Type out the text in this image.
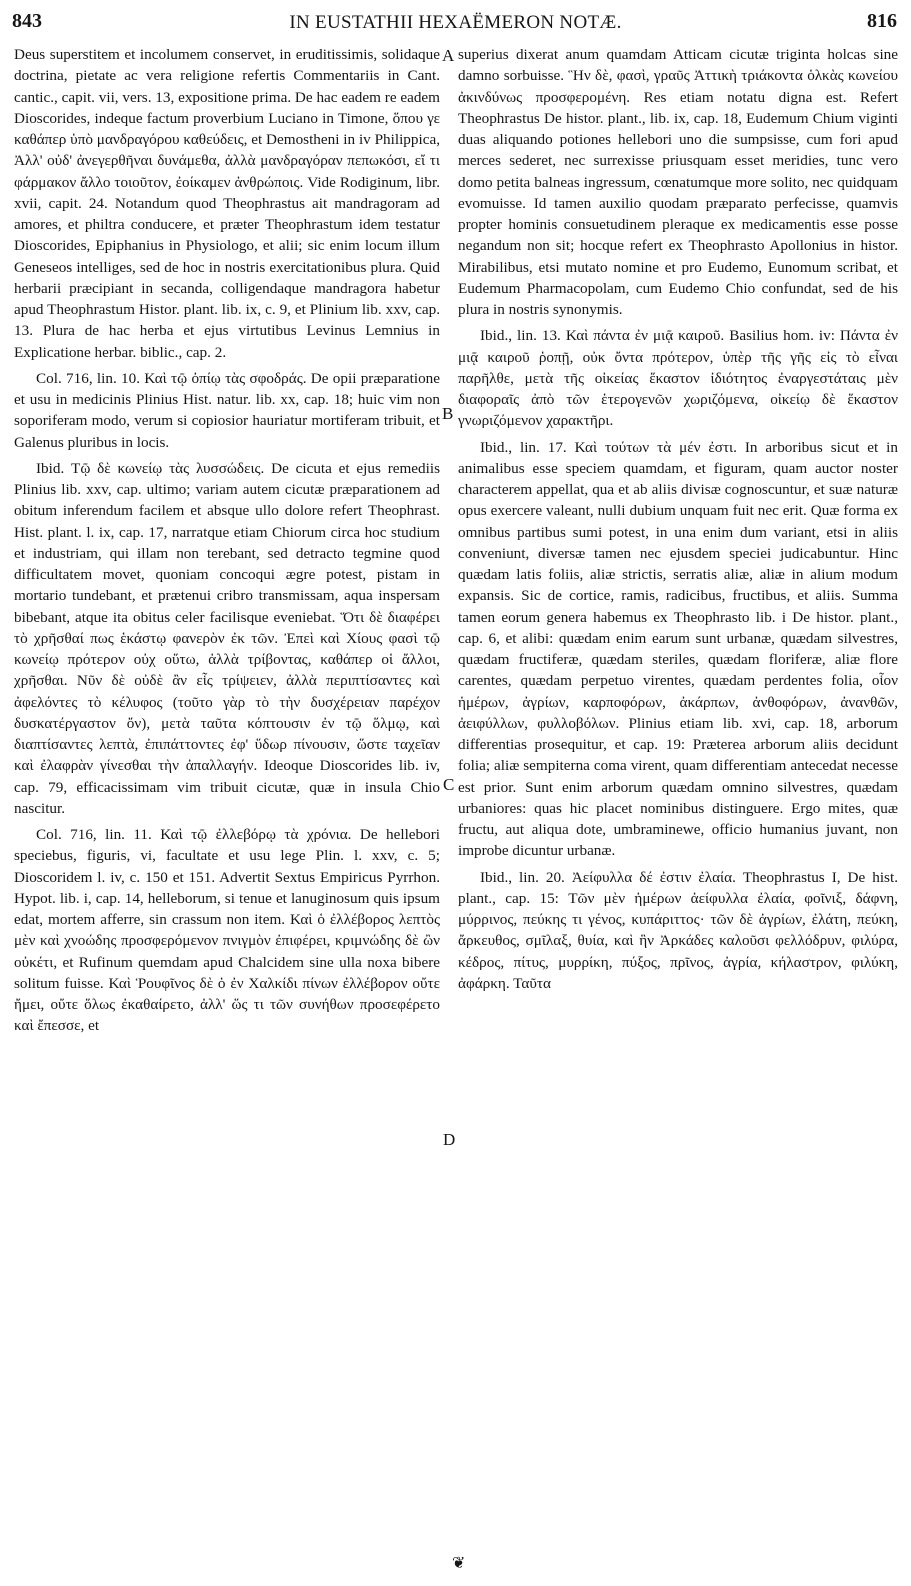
843	IN EUSTATHII HEXAËMERON NOTÆ.	816

Deus superstitem et incolumem conservet, in eruditissimis, solidaque doctrina, pietate ac vera religione refertis Commentariis in Cant. cantic., capit. vii, vers. 13, expositione prima. De hac eadem re eadem Dioscorides, indeque factum proverbium Luciano in Timone, ὅπου γε καθάπερ ὑπὸ μανδραγόρου καθεύδεις, et Demostheni in iv Philippica, Ἀλλ' οὐδ' ἀνεγερθῆναι δυνάμεθα, ἀλλὰ μανδραγόραν πεπωκόσι, εἴ τι φάρμακον ἄλλο τοιοῦτον, ἐοίκαμεν ἀνθρώποις. Vide Rodiginum, libr. xvii, capit. 24. Notandum quod Theophrastus ait mandragoram ad amores, et philtra conducere, et præter Theophrastum idem testatur Dioscorides, Epiphanius in Physiologo, et alii; sic enim locum illum Geneseos intelliges, sed de hoc in nostris exercitationibus plura. Quid herbarii præcipiant in secanda, colligendaque mandragora habetur apud Theophrastum Histor. plant. lib. ix, c. 9, et Plinium lib. xxv, cap. 13. Plura de hac herba et ejus virtutibus Levinus Lemnius in Explicatione herbar. biblic., cap. 2.

Col. 716, lin. 10. Καὶ τῷ ὀπίῳ τὰς σφοδράς. De opii præparatione et usu in medicinis Plinius Hist. natur. lib. xx, cap. 18; huic vim non soporiferam modo, verum si copiosior hauriatur mortiferam tribuit, et Galenus pluribus in locis.

Ibid. Τῷ δὲ κωνείῳ τὰς λυσσώδεις. De cicuta et ejus remediis Plinius lib. xxv, cap. ultimo; variam autem cicutæ præparationem ad obitum inferendum facilem et absque ullo dolore refert Theophrast. Hist. plant. l. ix, cap. 17, narratque etiam Chiorum circa hoc studium et industriam, qui illam non terebant, sed detracto tegmine quod difficultatem movet, quoniam concoqui ægre potest, pistam in mortario tundebant, et prætenui cribro transmissam, aqua inspersam bibebant, atque ita obitus celer facilisque eveniebat. Ὅτι δὲ διαφέρει τὸ χρῆσθαί πως ἑκάστῳ φανερὸν ἐκ τῶν. Ἐπεὶ καὶ Χίους φασὶ τῷ κωνείῳ πρότερον οὐχ οὕτω, ἀλλὰ τρίβοντας, καθάπερ οἱ ἄλλοι, χρῆσθαι. Νῦν δὲ οὐδὲ ἂν εἷς τρίψειεν, ἀλλὰ περιπτίσαντες καὶ ἀφελόντες τὸ κέλυφος (τοῦτο γὰρ τὸ τὴν δυσχέρειαν παρέχον δυσκατέργαστον ὄν), μετὰ ταῦτα κόπτουσιν ἐν τῷ ὅλμῳ, καὶ διαπτίσαντες λεπτὰ, ἐπιπάττοντες ἐφ' ὕδωρ πίνουσιν, ὥστε ταχεῖαν καὶ ἐλαφρὰν γίνεσθαι τὴν ἀπαλλαγήν. Ideoque Dioscorides lib. iv, cap. 79, efficacissimam vim tribuit cicutæ, quæ in insula Chio nascitur.

Col. 716, lin. 11. Καὶ τῷ ἐλλεβόρῳ τὰ χρόνια. De hellebori speciebus, figuris, vi, facultate et usu lege Plin. l. xxv, c. 5; Dioscoridem l. iv, c. 150 et 151. Advertit Sextus Empiricus Pyrrhon. Hypot. lib. i, cap. 14, helleborum, si tenue et lanuginosum quis ipsum edat, mortem afferre, sin crassum non item. Καὶ ὁ ἐλλέβορος λεπτὸς μὲν καὶ χνοώδης προσφερόμενον πνιγμὸν ἐπιφέρει, κριμνώδης δὲ ὢν οὐκέτι, et Rufinum quemdam apud Chalcidem sine ulla noxa bibere solitum fuisse. Καὶ Ῥουφῖνος δὲ ὁ ἐν Χαλκίδι πίνων ἐλλέβορον οὔτε ἤμει, οὔτε ὅλως ἐκαθαίρετο, ἀλλ' ὥς τι τῶν συνήθων προσεφέρετο καὶ ἔπεσσε, et

A
B
C
D

superius dixerat anum quamdam Atticam cicutæ triginta holcas sine damno sorbuisse. Ἣν δὲ, φασὶ, γραῦς Ἀττικὴ τριάκοντα ὁλκὰς κωνείου ἀκινδύνως προσφερομένη. Res etiam notatu digna est. Refert Theophrastus De histor. plant., lib. ix, cap. 18, Eudemum Chium viginti duas aliquando potiones hellebori uno die sumpsisse, cum fori apud merces sederet, nec surrexisse priusquam esset meridies, tunc vero domo petita balneas ingressum, cœnatumque more solito, nec quidquam evomuisse. Id tamen auxilio quodam præparato perfecisse, quamvis propter hominis consuetudinem pleraque ex medicamentis esse posse negandum non sit; hocque refert ex Theophrasto Apollonius in histor. Mirabilibus, etsi mutato nomine et pro Eudemo, Eunomum scribat, et Eudemum Pharmacopolam, cum Eudemo Chio confundat, sed de his plura in nostris synonymis.

Ibid., lin. 13. Καὶ πάντα ἐν μιᾷ καιροῦ. Basilius hom. iv: Πάντα ἐν μιᾷ καιροῦ ῥοπῇ, οὐκ ὄντα πρότερον, ὑπὲρ τῆς γῆς εἰς τὸ εἶναι παρῆλθε, μετὰ τῆς οἰκείας ἕκαστον ἰδιότητος ἐναργεστάταις μὲν διαφοραῖς ἀπὸ τῶν ἑτερογενῶν χωριζόμενα, οἰκείῳ δὲ ἕκαστον γνωριζόμενον χαρακτῆρι.

Ibid., lin. 17. Καὶ τούτων τὰ μέν ἐστι. In arboribus sicut et in animalibus esse speciem quamdam, et figuram, quam auctor noster characterem appellat, qua et ab aliis divisæ cognoscuntur, et suæ naturæ opus exercere valeant, nulli dubium unquam fuit nec erit. Quæ forma ex omnibus partibus sumi potest, in una enim dum variant, etsi in aliis conveniunt, diversæ tamen nec ejusdem speciei judicabuntur. Hinc quædam latis foliis, aliæ strictis, serratis aliæ, aliæ in alium modum expansis. Sic de cortice, ramis, radicibus, fructibus, et aliis. Summa tamen eorum genera habemus ex Theophrasto lib. i De histor. plant., cap. 6, et alibi: quædam enim earum sunt urbanæ, quædam silvestres, quædam fructiferæ, quædam steriles, quædam floriferæ, aliæ flore carentes, quædam perpetuo virentes, quædam perdentes folia, οἷον ἡμέρων, ἀγρίων, καρποφόρων, ἀκάρπων, ἀνθοφόρων, ἀνανθῶν, ἀειφύλλων, φυλλοβόλων. Plinius etiam lib. xvi, cap. 18, arborum differentias prosequitur, et cap. 19: Præterea arborum aliis decidunt folia; aliæ sempiterna coma virent, quam differentiam antecedat necesse est prior. Sunt enim arborum quædam omnino silvestres, quædam urbaniores: quas hic placet nominibus distinguere. Ergo mites, quæ fructu, aut aliqua dote, umbraminewe, officio humanius juvant, non improbe dicuntur urbanæ.

Ibid., lin. 20. Ἀείφυλλα δέ ἐστιν ἐλαία. Theophrastus I, De hist. plant., cap. 15: Τῶν μὲν ἡμέρων ἀείφυλλα ἐλαία, φοῖνιξ, δάφνη, μύρρινος, πεύκης τι γένος, κυπάριττος· τῶν δὲ ἀγρίων, ἐλάτη, πεύκη, ἄρκευθος, σμῖλαξ, θυία, καὶ ἣν Ἀρκάδες καλοῦσι φελλόδρυν, φιλύρα, κέδρος, πίτυς, μυρρίκη, πύξος, πρῖνος, ἀγρία, κήλαστρον, φιλύκη, ἀφάρκη. Ταῦτα

❦
